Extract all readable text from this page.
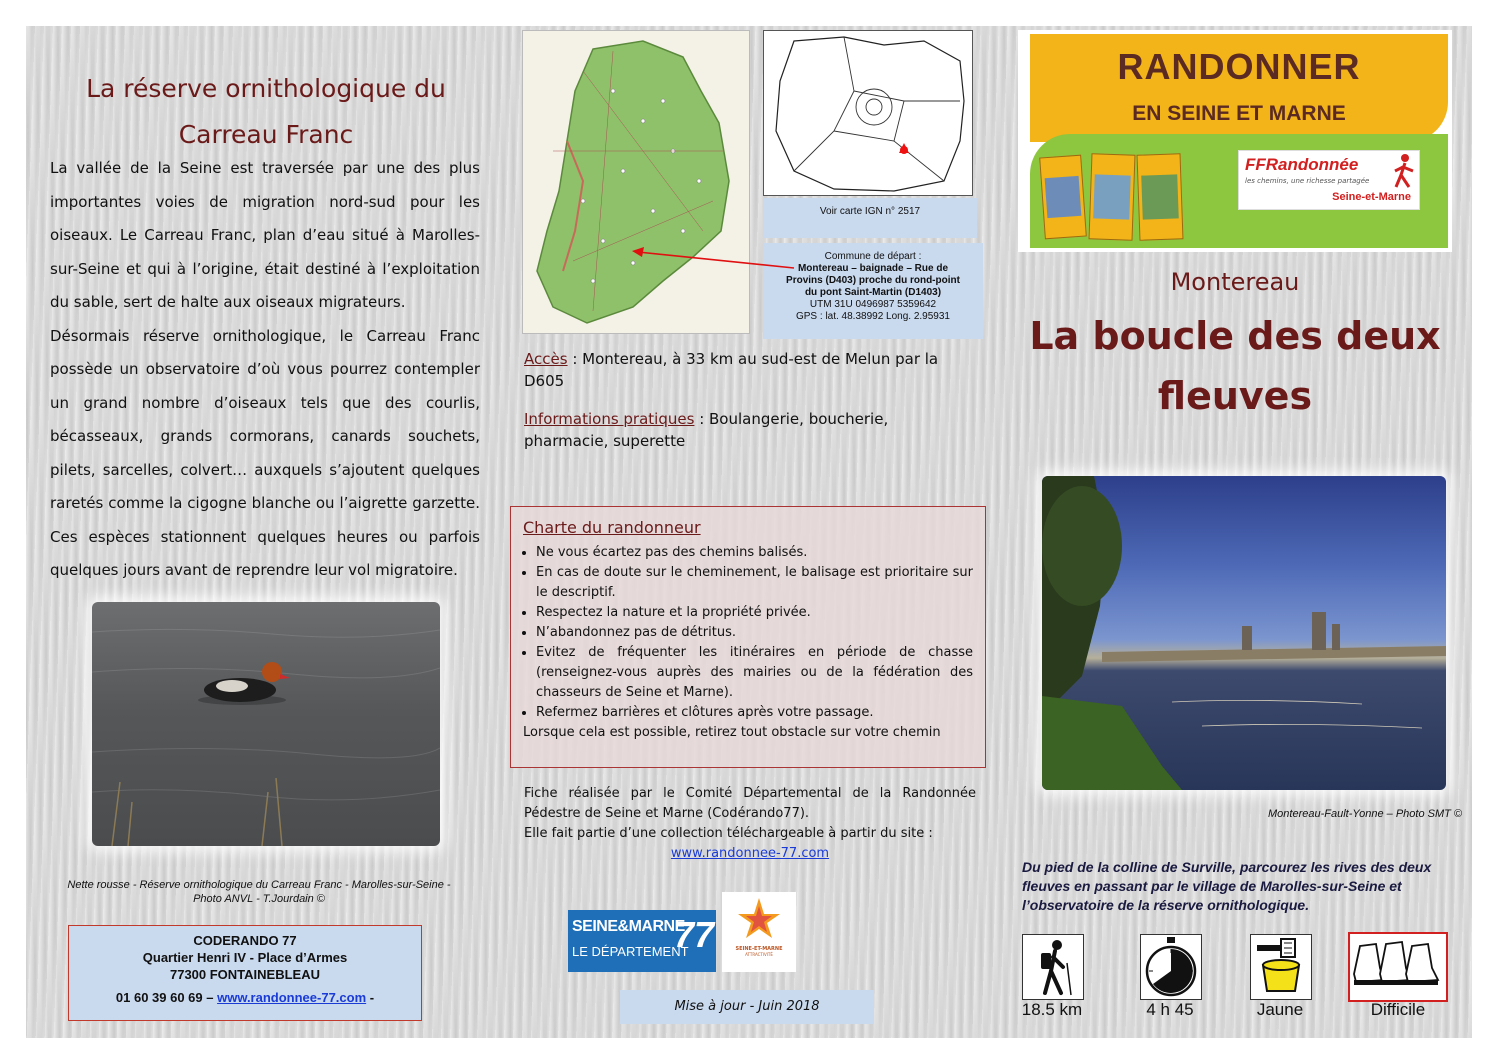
La réserve ornithologique du
Carreau Franc
La vallée de la Seine est traversée par une des plus importantes voies de migration nord-sud pour les oiseaux. Le Carreau Franc, plan d’eau situé à Marolles-sur-Seine et qui à l’origine, était destiné à l’exploitation du sable, sert de halte aux oiseaux migrateurs.
Désormais réserve ornithologique, le Carreau Franc possède un observatoire d’où vous pourrez contempler un grand nombre d’oiseaux tels que des courlis, bécasseaux, grands cormorans, canards souchets, pilets, sarcelles, colvert… auxquels s’ajoutent quelques raretés comme la cigogne blanche ou l’aigrette garzette. Ces espèces stationnent quelques heures ou parfois quelques jours avant de reprendre leur vol migratoire.
Nette rousse - Réserve ornithologique du Carreau Franc - Marolles-sur-Seine -
Photo ANVL - T.Jourdain ©
CODERANDO 77
Quartier Henri IV - Place d’Armes
77300 FONTAINEBLEAU
01 60 39 60 69 – www.randonnee-77.com -
Voir carte IGN n° 2517
Commune de départ :
Montereau – baignade – Rue de
Provins (D403) proche du rond-point
du pont Saint-Martin (D1403)
UTM 31U 0496987 5359642
GPS : lat. 48.38992 Long. 2.95931
Accès : Montereau, à 33 km au sud-est de Melun par la D605
Informations pratiques : Boulangerie, boucherie, pharmacie, superette
Charte du randonneur
• Ne vous écartez pas des chemins balisés.
• En cas de doute sur le cheminement, le balisage est prioritaire sur le descriptif.
• Respectez la nature et la propriété privée.
• N’abandonnez pas de détritus.
• Evitez de fréquenter les itinéraires en période de chasse (renseignez-vous auprès des mairies ou de la fédération des chasseurs de Seine et Marne).
• Refermez barrières et clôtures après votre passage.
Lorsque cela est possible, retirez tout obstacle sur votre chemin
Fiche réalisée par le Comité Départemental de la Randonnée Pédestre de Seine et Marne (Codérando77).
Elle fait partie d’une collection téléchargeable à partir du site :
www.randonnee-77.com
SEINE&MARNE
LE DÉPARTEMENT
77	SEINE-ET-MARNE
ATTRACTIVITÉ
Mise à jour - Juin 2018
RANDONNER
EN SEINE ET MARNE
FFRandonnée
les chemins, une richesse partagée
Seine-et-Marne
Montereau
La boucle des deux
fleuves
Montereau-Fault-Yonne – Photo SMT ©
Du pied de la colline de Surville, parcourez les rives des deux fleuves en passant par le village de Marolles-sur-Seine et l’observatoire de la réserve ornithologique.
18.5 km	4 h 45	Jaune	Difficile
